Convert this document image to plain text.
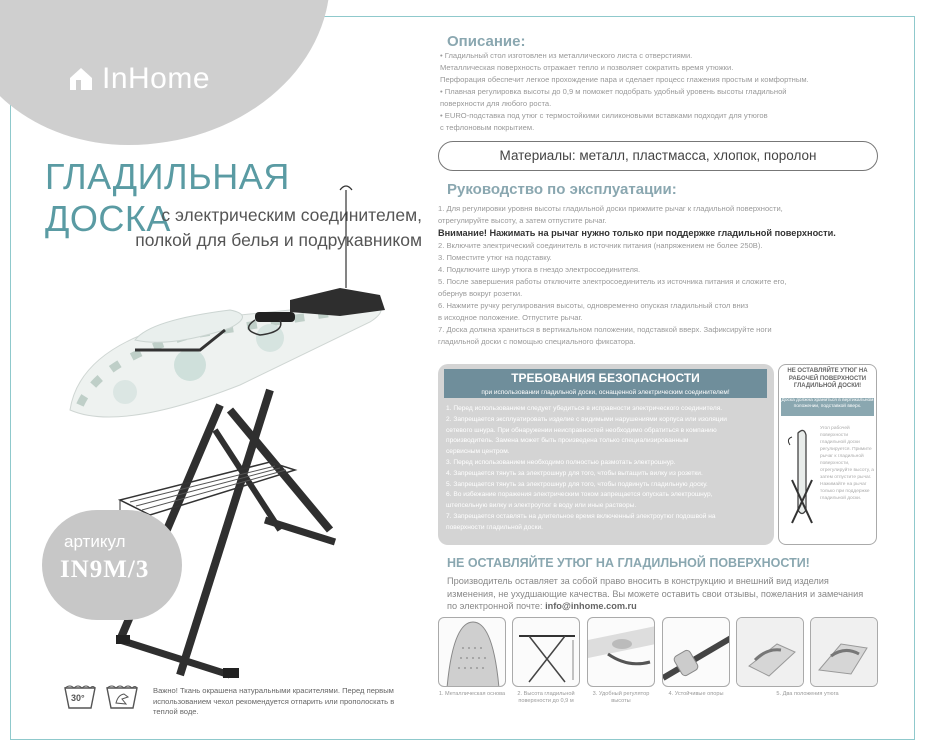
InHome
ГЛАДИЛЬНАЯ ДОСКА
с электрическим соединителем,
полкой для белья и подрукавником
артикул
IN9M/3
30°
Важно! Ткань окрашена натуральными красителями. Перед первым использованием чехол рекомендуется отпарить или прополоскать в теплой воде.
Описание:
• Гладильный стол изготовлен из металлического листа с отверстиями.
Металлическая поверхность отражает тепло и позволяет сократить время утюжки.
Перфорация обеспечит легкое прохождение пара и сделает процесс глажения простым и комфортным.
• Плавная регулировка высоты до 0,9 м поможет подобрать удобный уровень высоты гладильной
поверхности для любого роста.
• EURO-подставка под утюг с термостойкими силиконовыми вставками подходит для утюгов
с тефлоновым покрытием.
Материалы: металл, пластмасса, хлопок, поролон
Руководство по эксплуатации:
1. Для регулировки уровня высоты гладильной доски прижмите рычаг к гладильной поверхности,
отрегулируйте высоту, а затем отпустите рычаг.
Внимание! Нажимать на рычаг нужно только при поддержке гладильной поверхности.
2. Включите электрический соединитель в источник питания (напряжением не более 250В).
3. Поместите утюг на подставку.
4. Подключите шнур утюга в гнездо электросоединителя.
5. После завершения работы отключите электросоединитель из источника питания и сложите его,
обернув вокруг розетки.
6. Нажмите ручку регулирования высоты, одновременно опуская гладильный стол вниз
в исходное положение. Отпустите рычаг.
7. Доска должна храниться в вертикальном положении, подставкой вверх. Зафиксируйте ноги
гладильной доски с помощью специального фиксатора.
ТРЕБОВАНИЯ БЕЗОПАСНОСТИ
при использовании гладильной доски, оснащенной электрическим соединителем!
1. Перед использованием следует убедиться в исправности электрического соединителя.
2. Запрещается эксплуатировать изделие с видимыми нарушениями корпуса или изоляции
сетевого шнура. При обнаружении неисправностей необходимо обратиться в компанию
производитель. Замена может быть произведена только специализированным
сервисным центром.
3. Перед использованием необходимо полностью размотать электрошнур.
4. Запрещается тянуть за электрошнур для того, чтобы вытащить вилку из розетки.
5. Запрещается тянуть за электрошнур для того, чтобы подвинуть гладильную доску.
6. Во избежание поражения электрическим током запрещается опускать электрошнур,
штепсельную вилку и электроутюг в воду или иные растворы.
7. Запрещается оставлять на длительное время включенный электроутюг подошвой на
поверхности гладильной доски.
НЕ ОСТАВЛЯЙТЕ УТЮГ НА РАБОЧЕЙ ПОВЕРХНОСТИ ГЛАДИЛЬНОЙ ДОСКИ!
Доска должна храниться в вертикальном положении, подставкой вверх.
Угол рабочей поверхности гладильной доски регулируется. Примите рычаг к гладильной поверхности, отрегулируйте высоту, а затем отпустите рычаг. Нажимайте на рычаг только при поддержке гладильной доски.
НЕ ОСТАВЛЯЙТЕ УТЮГ НА ГЛАДИЛЬНОЙ ПОВЕРХНОСТИ!
Производитель оставляет за собой право вносить в конструкцию и внешний вид изделия
изменения, не ухудшающие качества. Вы можете оставить свои отзывы, пожелания и замечания
по электронной почте: info@inhome.com.ru
1. Металлическая основа	2. Высота гладильной поверхности до 0,9 м
3. Удобный регулятор высоты
4. Устойчивые опоры	5. Два положения утюга
